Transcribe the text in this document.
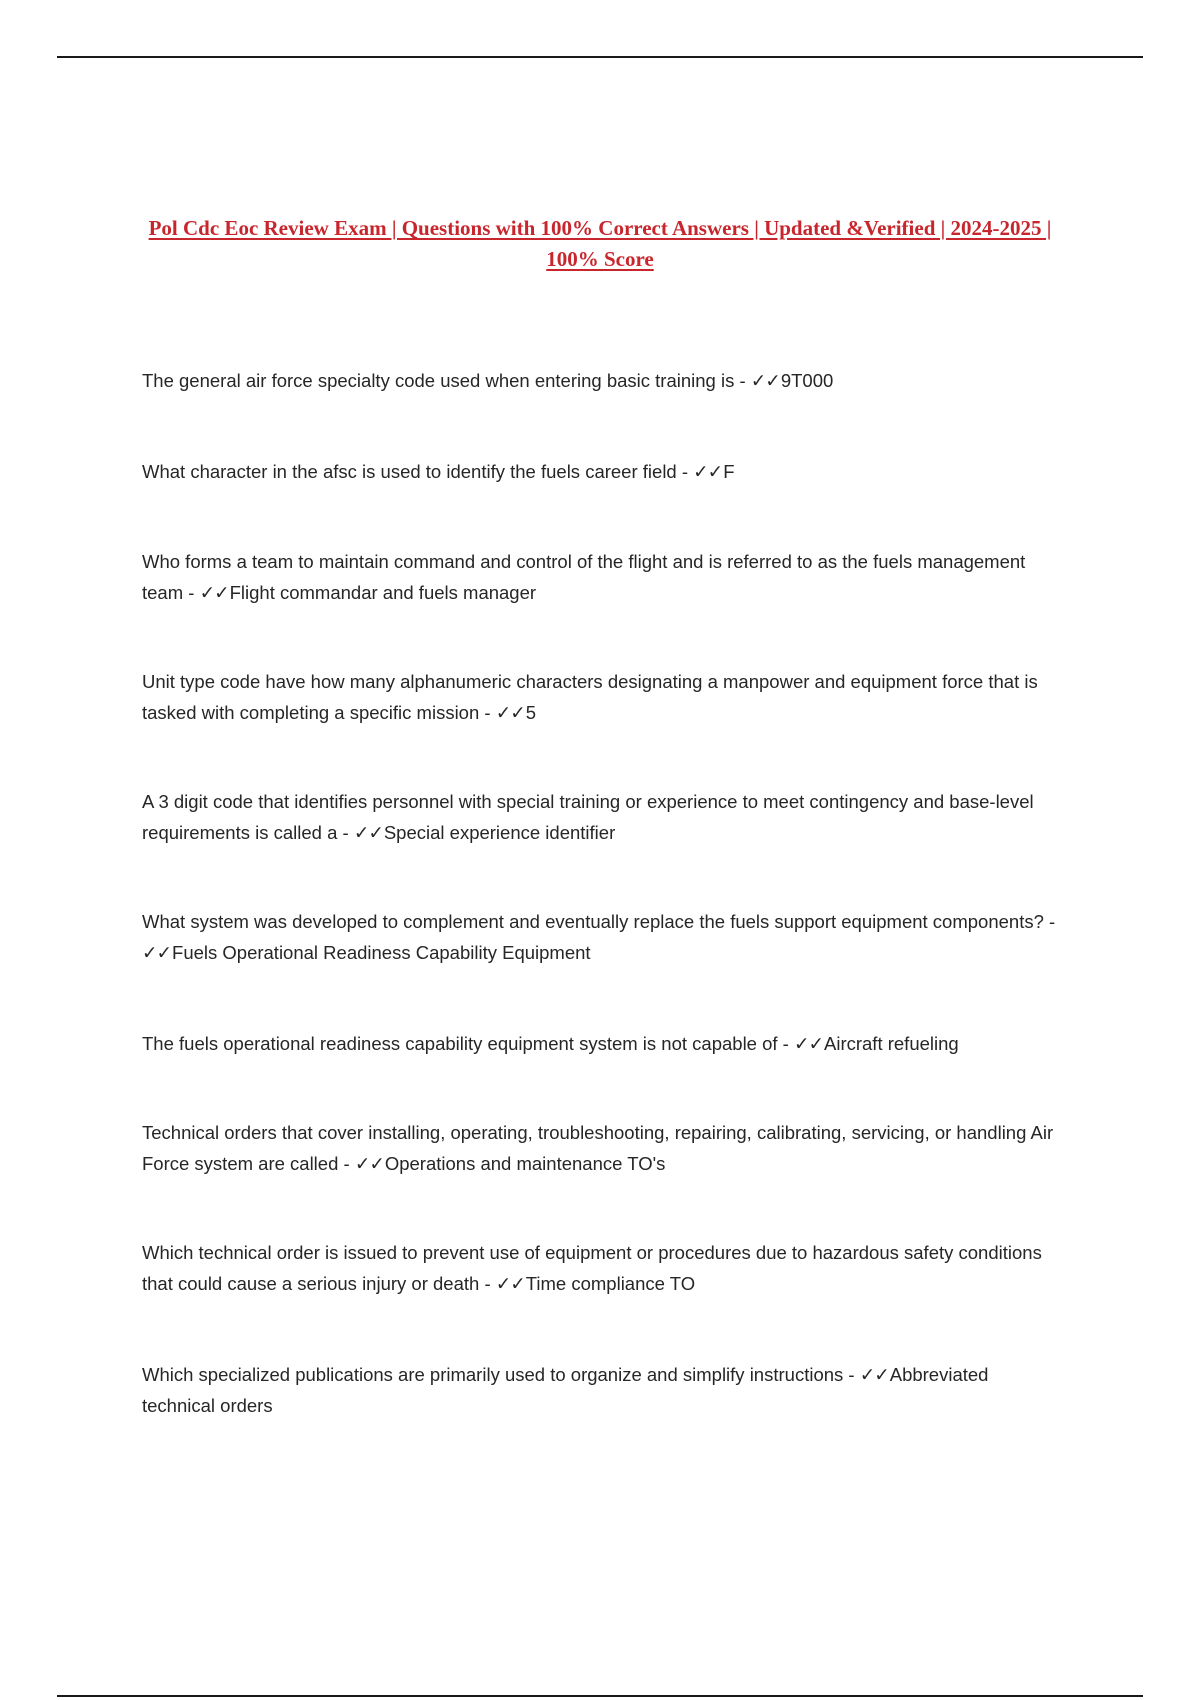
Pol Cdc Eoc Review Exam | Questions with 100% Correct Answers | Updated &Verified | 2024-2025 | 100% Score
The general air force specialty code used when entering basic training is - ✓✓9T000
What character in the afsc is used to identify the fuels career field - ✓✓F
Who forms a team to maintain command and control of the flight and is referred to as the fuels management team - ✓✓Flight commandar and fuels manager
Unit type code have how many alphanumeric characters designating a manpower and equipment force that is tasked with completing a specific mission - ✓✓5
A 3 digit code that identifies personnel with special training or experience to meet contingency and base-level requirements is called a - ✓✓Special experience identifier
What system was developed to complement and eventually replace the fuels support equipment components? - ✓✓Fuels Operational Readiness Capability Equipment
The fuels operational readiness capability equipment system is not capable of - ✓✓Aircraft refueling
Technical orders that cover installing, operating, troubleshooting, repairing, calibrating, servicing, or handling Air Force system are called - ✓✓Operations and maintenance TO's
Which technical order is issued to prevent use of equipment or procedures due to hazardous safety conditions that could cause a serious injury or death - ✓✓Time compliance TO
Which specialized publications are primarily used to organize and simplify instructions - ✓✓Abbreviated technical orders
